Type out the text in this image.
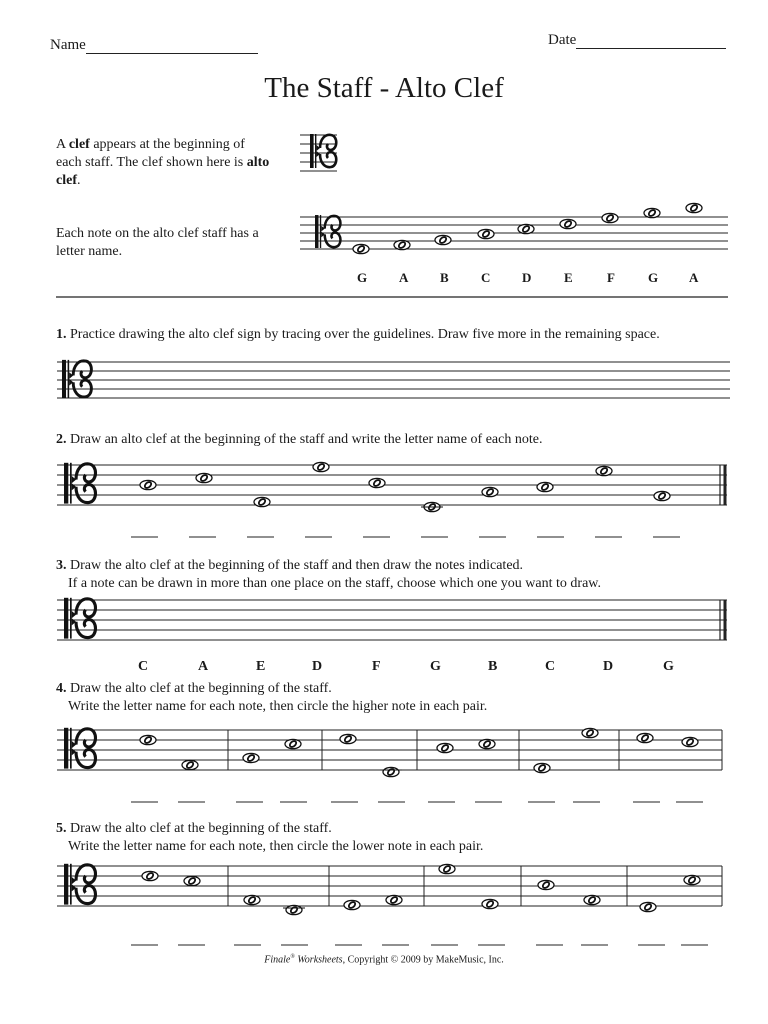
Name	Date
The Staff - Alto Clef
A clef appears at the beginning of each staff. The clef shown here is alto clef.
Each note on the alto clef staff has a letter name.
G A B C D	E	F	G A
1. Practice drawing the alto clef sign by tracing over the guidelines. Draw five more in the remaining space.
2. Draw an alto clef at the beginning of the staff and write the letter name of each note.
3. Draw the alto clef at the beginning of the staff and then draw the notes indicated.
If a note can be drawn in more than one place on the staff, choose which one you want to draw.
4. Draw the alto clef at the beginning of the staff.
Write the letter name for each note, then circle the higher note in each pair.
5. Draw the alto clef at the beginning of the staff.
Write the letter name for each note, then circle the lower note in each pair.
C	A	E	D	F	G	B	C	D	G
Finale® Worksheets, Copyright © 2009 by MakeMusic, Inc.
